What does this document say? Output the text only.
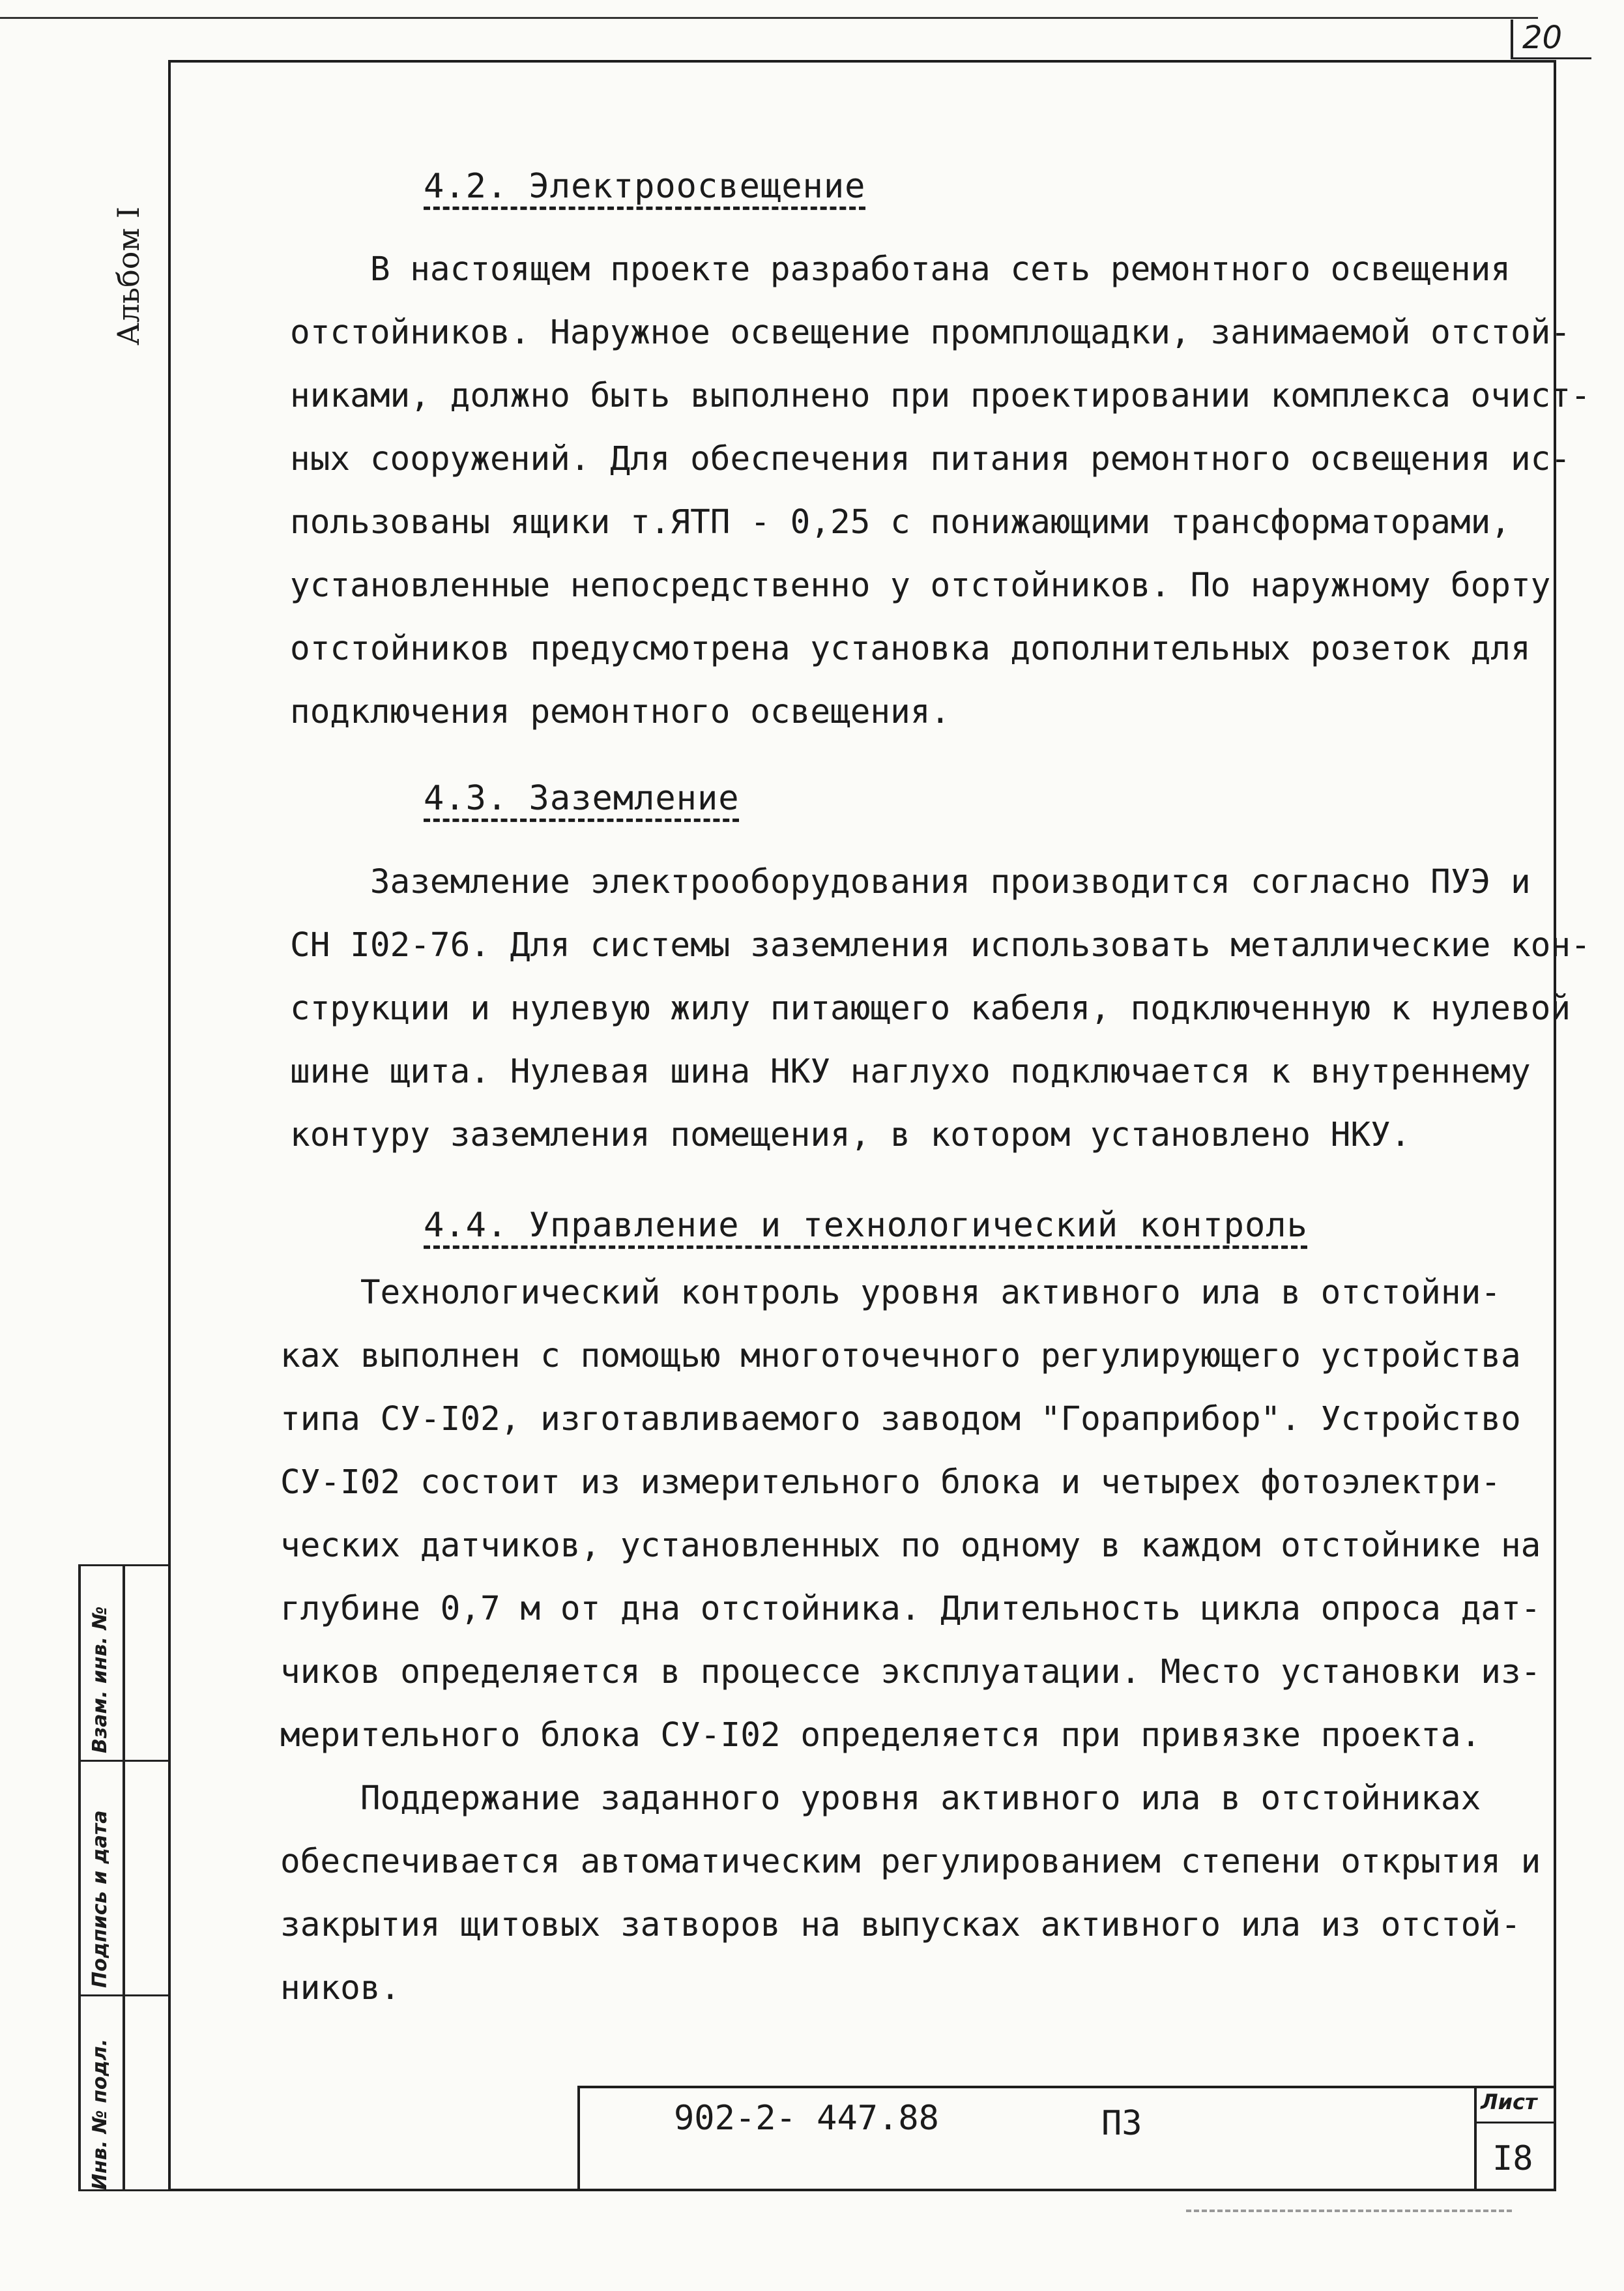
20
Альбом I
Инв. № подл.
Подпись и дата
Взам. инв. №
4.2. Электроосвещение
В настоящем проекте разработана сеть ремонтного освещения
отстойников. Наружное освещение промплощадки, занимаемой отстой-
никами, должно быть выполнено при проектировании комплекса очист-
ных сооружений. Для обеспечения питания ремонтного освещения ис-
пользованы ящики т.ЯТП - 0,25 с понижающими трансформаторами,
установленные непосредственно у отстойников. По наружному борту
отстойников предусмотрена установка дополнительных розеток для
подключения ремонтного освещения.
4.3. Заземление
Заземление электрооборудования производится согласно ПУЭ и
СН I02-76. Для системы заземления использовать металлические кон-
струкции и нулевую жилу питающего кабеля, подключенную к нулевой
шине щита. Нулевая шина НКУ наглухо подключается к внутреннему
контуру заземления помещения, в котором установлено НКУ.
4.4. Управление и технологический контроль
Технологический контроль уровня активного ила в отстойни-
ках выполнен с помощью многоточечного регулирующего устройства
типа СУ-I02, изготавливаемого заводом "Гораприбор". Устройство
СУ-I02 состоит из измерительного блока и четырех фотоэлектри-
ческих датчиков, установленных по одному в каждом отстойнике на
глубине 0,7 м от дна отстойника. Длительность цикла опроса дат-
чиков определяется в процессе эксплуатации. Место установки из-
мерительного блока СУ-I02 определяется при привязке проекта.
Поддержание заданного уровня активного ила в отстойниках
обеспечивается автоматическим регулированием степени открытия и
закрытия щитовых затворов на выпусках активного ила из отстой-
ников.
902-2- 447.88	ПЗ
Лист
I8
